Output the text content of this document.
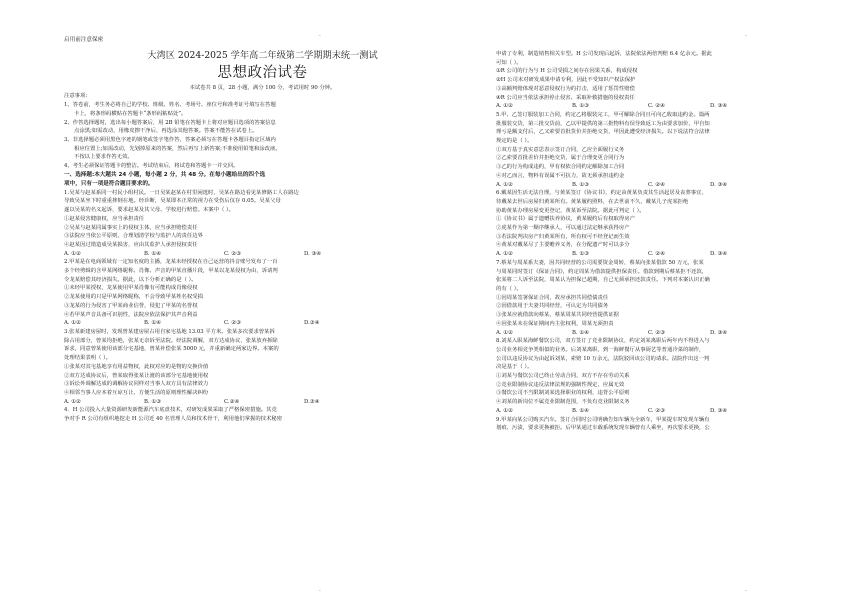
·	·
·	·
启用前注意保密
大湾区 2024-2025 学年高二年级第二学期期末统一测试
思想政治试卷
本试卷共 8 页，28 小题，满分 100 分，考试用时 90 分钟。
注意事项:
1、答卷前，考生务必将自己的学校、班级、姓名、考场号、座位号和准考证号填写在答题
卡上，将条形码横贴在答题卡“条形码粘贴处”。
2、作答选择题时，选出每小题答案后，用 2B 铅笔在答题卡上将对应题目选项的答案信息
点涂黑;如需改动，用橡皮擦干净后，再选涂其他答案。答案不能答在试卷上。
3、非选择题必须用黑色字迹的钢笔或签字笔作答，答案必须写在答题卡各题目指定区域内
相应位置上;如需改动，先划掉原来的答案，然后再写上新答案;不准使用铅笔和涂改液。
不按以上要求作答无效。
4、考生必须保证答题卡的整洁。考试结束后，将试卷和答题卡一并交回。
一、选择题:本大题共 24 小题，每小题 2 分，共 48 分。在每小题给出的四个选
项中，只有一项是符合题目要求的。
1.吴某与赵某系同一村民小组村民。一日吴某赵某在村里闲逛时，吴某在路边看见某修路工人在路边
导致吴某坐下时重重摔倒在地。经诊断，吴某即本正常的视力在受伤后仅存 0.05。吴某父母
遂以吴某的名义起诉，要求赵某及其父母、学校进行赔偿。本案中（ ）。
①赵某侵害健康权，应当承担责任
②吴某与赵某同属事实上的侵权主体，应当承担赔偿责任
③法院应当依公平原则，合理划清学校与监护人的责任边界
④赵某因过错造成吴某损害，应由其监护人承担侵权责任
A. ①②	B. ①④	C. ②③	D. ③④
2.甲某是在电商领域有一定知名度的主播，龙某未经授权在自己运营的抖音账号发布了一百
多个经剪辑的含甲某网络昵称、肖像、声音的甲某直播片段，甲某以龙某侵权为由，诉请判
令龙某赔偿其经济损失。据此，以下分析正确的是（ ）。
①未经甲某授权，龙某使用甲某肖像有可能构成肖像侵权
②龙某使用的只是甲某网络昵称，不会导致甲某姓名权受损
③龙某的行为侵害了甲某商业信誉，侵犯了甲某的名誉权
④若甲某声音具备可识别性，法院应依法保护其声音利益
A. ①②	B. ①④	C. ②③	D.③④
3.张某新建房屋时，发现曾某建房屋占用自家宅基地 13.03 平方米。张某多次要求曾某拆
除占用部分，曾某均拒绝，张某无奈诉至法院。经法院调解，双方达成协议，张某放弃拆除
诉求，同意曾某使用该部分宅基地，曾某补偿张某 5000 元，并重新确定两家边界。本案的
处理结果表明（ ）。
①张某对其宅基地享有用益物权，此权对应的是物的交换价值
②双方达成协议后，曾某取得张某让渡的该部分宅基地使用权
③诉讼外调解达成的调解协议同样对当事人双方具有法律效力
④相邻当事人应本着互谅互让、方便生活的原则理性解决纠纷
A. ①②	B. ①③	C.②④	D.③④
4．H 公司投入大量资源研发新能源汽车底盘技术，对研发成果采取了严格保密措施。其竞
争对手 R 公司有组织地挖走 H 公司近 40 名管理人员和技术骨干，利用他们掌握的技术秘密
申请了专利，制造销售相关车型。H 公司发现后起诉，法院依法两倍判赔 6.4 亿余元。据此
可知（ ）。
①R 公司的行为与 H 公司受损之间存在因果关系，构成侵权
②H 公司未对研发成果申请专利，因此不受知识产权法保护
③高额判赔体现对恶意侵权行为的打击，适用了惩罚性赔偿
④R 公司应当依法承担停止侵害、采取补救措施的侵权责任
A. ①②	B. ①③	C. ②④	D. ③④
5.甲、乙签订服装加工合同，约定乙将服装完工，甲可解除合同且可向乙收取违约金。篇两
批服装交货，第三批交货前，乙以甲提供的第三批物料有误导致返工为由要求加价，甲自知
理亏是额支付后，乙又索要首批货价并拒绝交货，甲因此遭受经济损失。以下说法符合法律
规定的是（ ）。
①双方基于真实意思表示签订合同，乙应全面履行义务
②乙索要首批差价并拒绝交货，属于合理变更合同行为
③乙的行为构成违约，甲有权依合同约定解除加工合同
④对乙而言，物料有误属不可抗力，故无须承担违约金
A. ①②	B. ①③	C. ②④	D. ③④
6.戴某因生活无法自理，与黄某签订《协议书》，约定由黄某负责其生活起居及丧葬事宜，
待戴某去世后房屋归黄某所有。黄某履约照料，在去世前不久，戴某儿子虎某拒绝
协助黄某办理房屋变更登记，黄某诉至法院。据此可判定（ ）。
①《协议书》属于遗赠扶养协议，黄某履约后有权取得房产
②虎某作为第一顺序继承人，可以通过法定继承获得房产
③若法院判决房产归黄某所有，所有权可不经登记而生效
④黄某对戴某尽了主要赡养义务，在分配遗产时可以多分
A. ①②	B. ①③	C. ②④	D. ③④
7.蔡某与周某系夫妻，因共同经营的公司需要资金周转，蔡某向张某借款 50 万元，张某
与周某同时签订《保证合同》，约定周某为借款提供担保责任。借款到期后蔡某拒不还款，
张某将二人诉至法院，周某认为担保已超期，自己无须承担还款责任。下列对本案认识正确
的有（ ）。
①因周某签署保证合同，故应承担共同偿债责任
②因借款用于夫妻共同经营，可认定为共同债务
③张某应就借款向蔡某，蔡某周某共同经营提供证据
④因张某未在保证期间内主张权利，周某无须担责
A. ①②	B. ①④	C. ②③	D. ③④
8.刘某入职某海鲜餐饮公司，双方签订了竞业限制协议，约定刘某离职后两年内不得进入与
公司业务相竞争类相似的业务。后刘某离职，到一海鲜餐厅从事厨艺等普通冷菜的制作，
公司以违反协议为由起诉刘某，索赔 10 万余元，法院驳回该公司的请求。法院作出这一判
决是基于（ ）。
①刘某与餐饮公司已终止劳动合同，双方不存在劳动关系
②竞业限制协议违反法律法规的强制性规定，应属无效
③餐饮公司不当限制刘某选择职业的权利，违背公平原则
④刘某的新岗位不属竞业限制范围，不负有竞业限制义务
A. ①②	B. ①④	C. ②③	D. ③④
9.甲某向某公司购买汽车。签订合同时公司明确告知车辆为全新车，甲某提车时发现车辆有
划痕、污渍，要求更换被拒。后甲某通过车载系统发现车辆曾有人乘坐，再次要求更换，公
